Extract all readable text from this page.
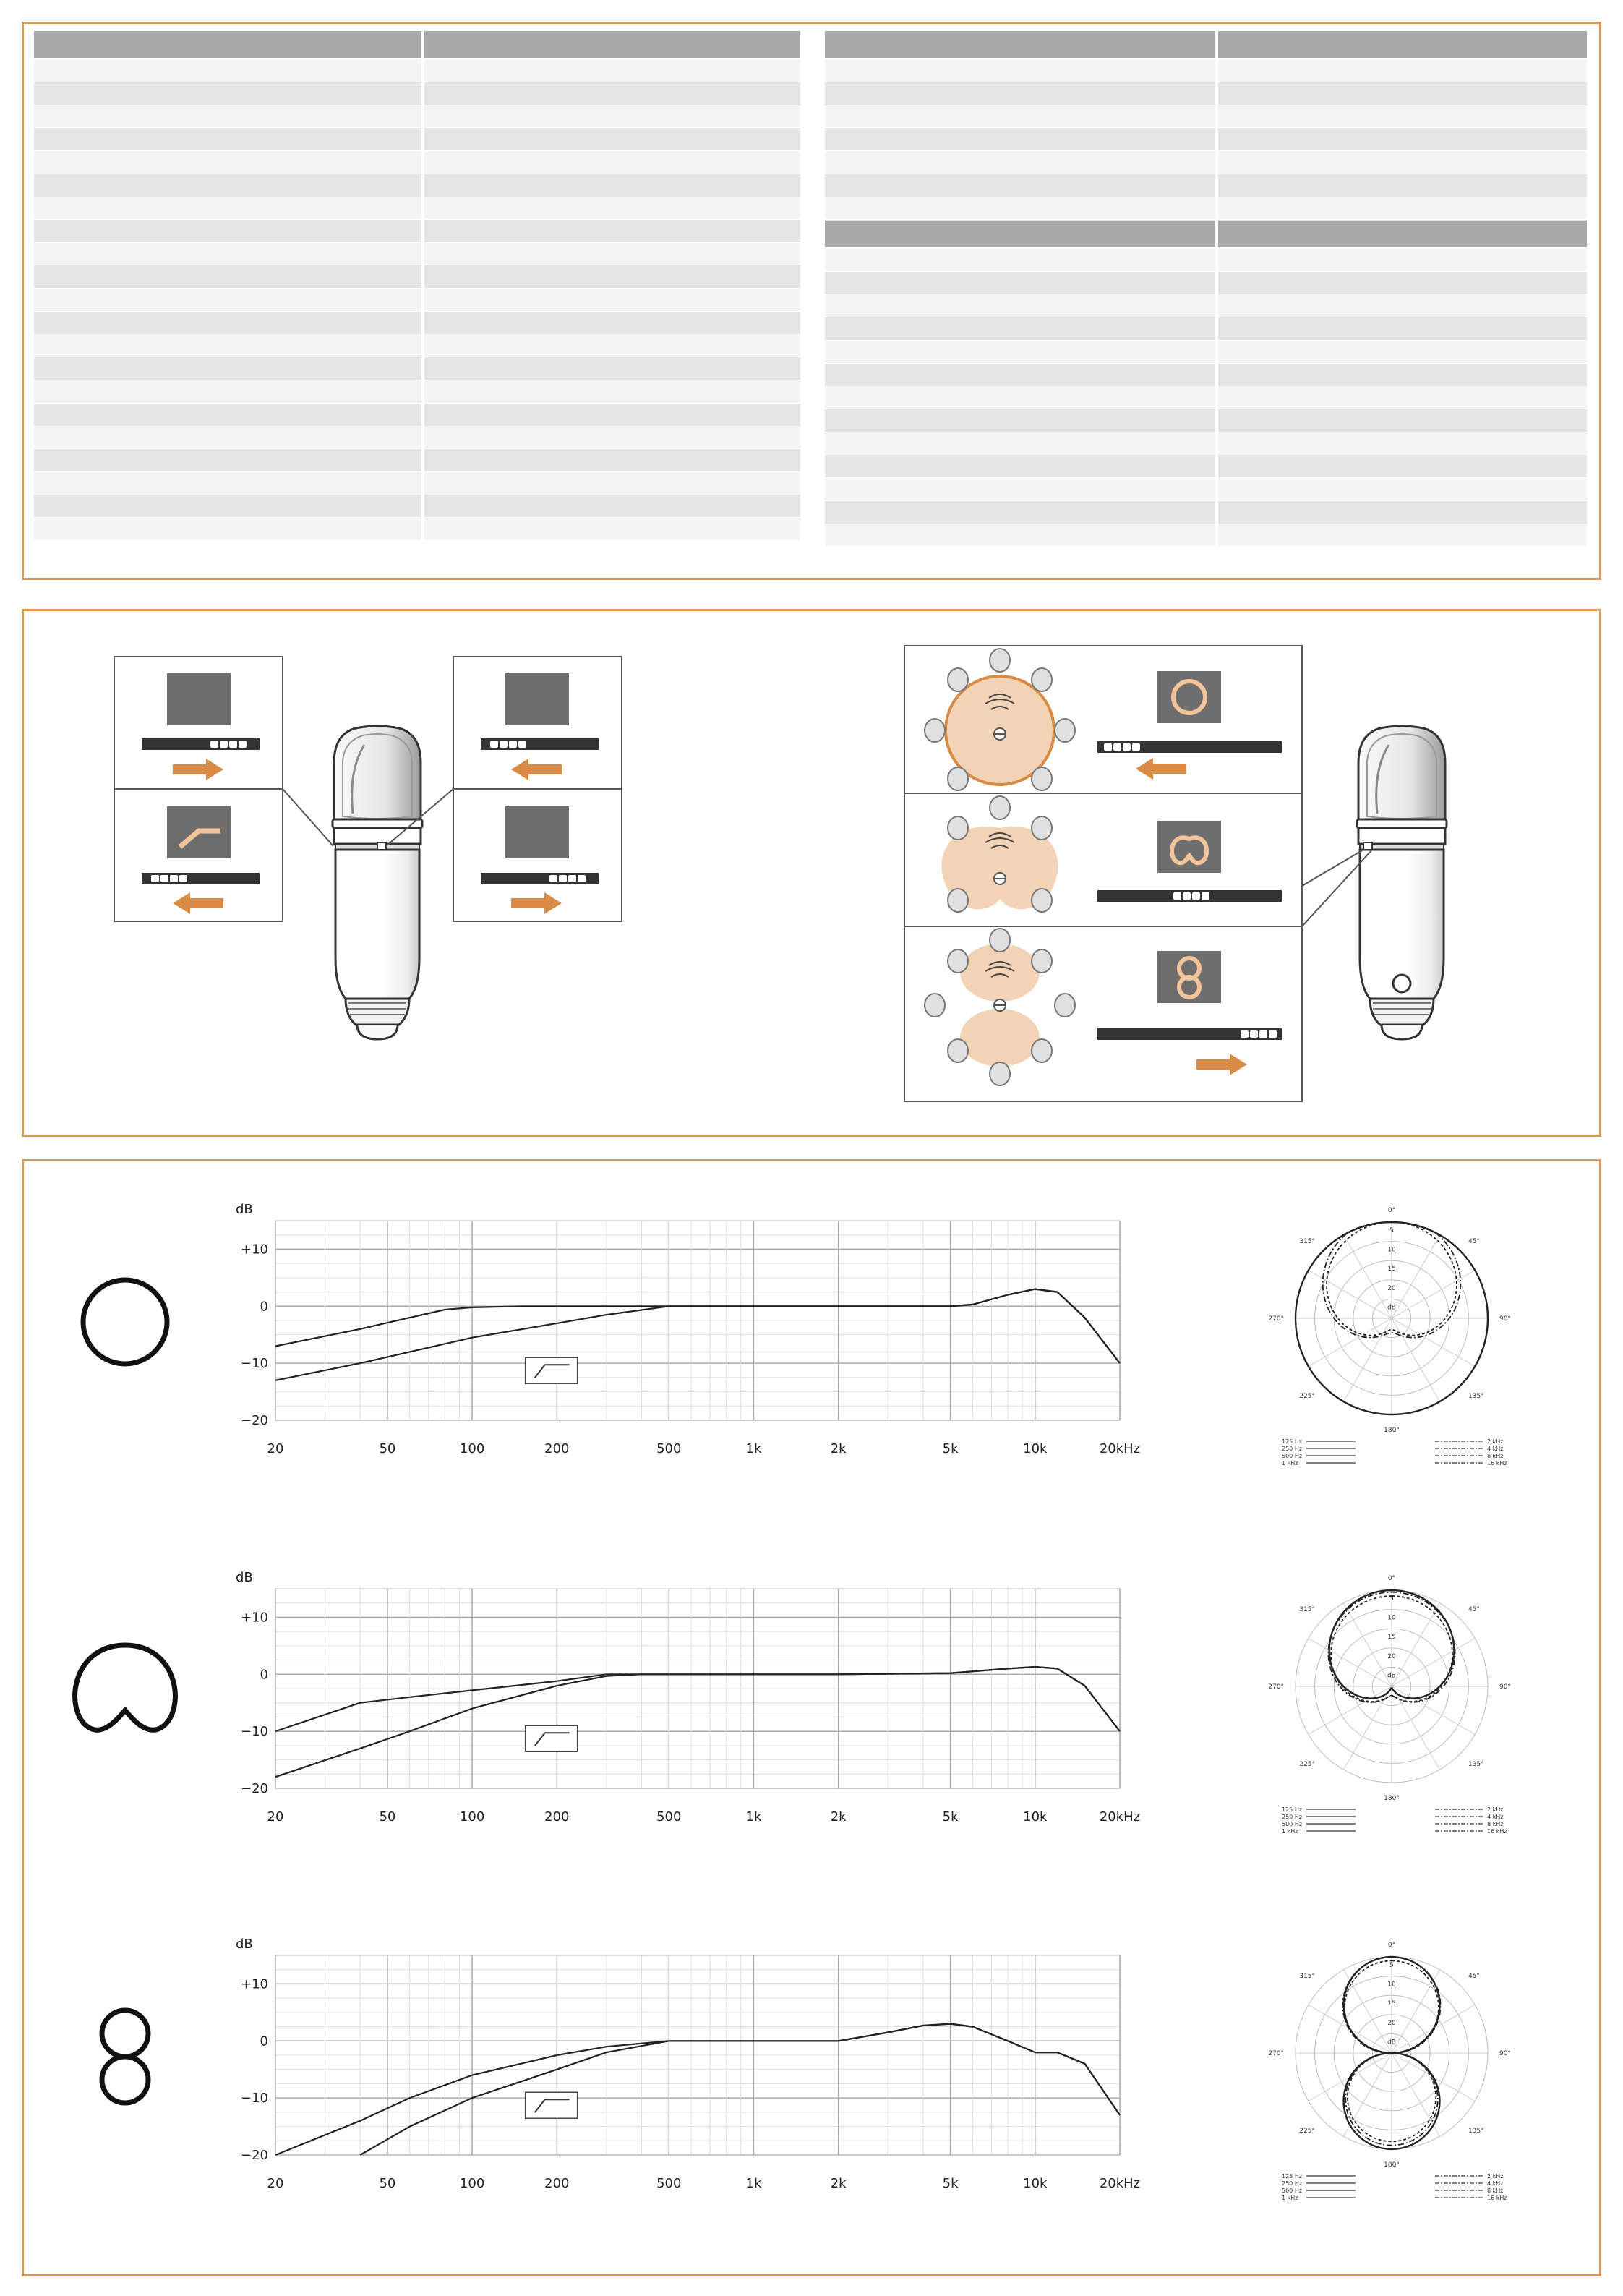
dB
+10
0
−10
−20
20	50	100	200	500	1k	2k	5k	10k	20kHz
0°
45°
90°
135°
180°
225°
270°
315°
5
10
15
20
dB
125 Hz
250 Hz
500 Hz
1 kHz
2 kHz
4 kHz
8 kHz
16 kHz
dB
+10
0
−10
−20
20	50	100	200	500	1k	2k	5k	10k	20kHz
0°
45°
90°
135°
180°
225°
270°
315°
5
10
15
20
dB
125 Hz
250 Hz
500 Hz
1 kHz
2 kHz
4 kHz
8 kHz
16 kHz
dB
+10
0
−10
−20
20	50	100	200	500	1k	2k	5k	10k	20kHz
0°
45°
90°
135°
180°
225°
270°
315°
5
10
15
20
dB
125 Hz
250 Hz
500 Hz
1 kHz
2 kHz
4 kHz
8 kHz
16 kHz
